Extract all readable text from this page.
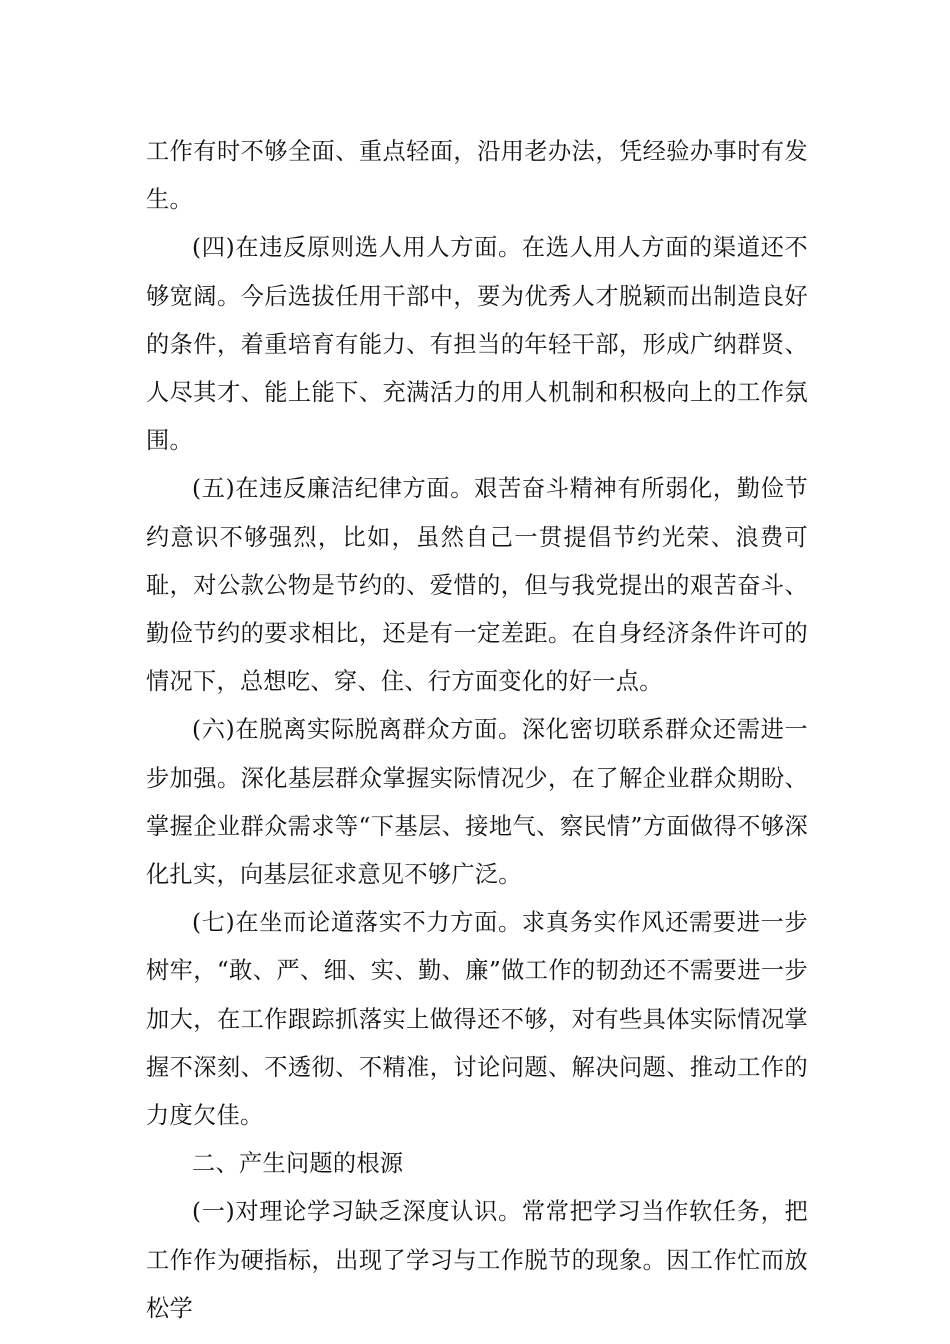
工作有时不够全面、重点轻面，沿用老办法，凭经验办事时有发生。

(四)在违反原则选人用人方面。在选人用人方面的渠道还不够宽阔。今后选拔任用干部中，要为优秀人才脱颖而出制造良好的条件，着重培育有能力、有担当的年轻干部，形成广纳群贤、人尽其才、能上能下、充满活力的用人机制和积极向上的工作氛围。

(五)在违反廉洁纪律方面。艰苦奋斗精神有所弱化，勤俭节约意识不够强烈，比如，虽然自己一贯提倡节约光荣、浪费可耻，对公款公物是节约的、爱惜的，但与我党提出的艰苦奋斗、勤俭节约的要求相比，还是有一定差距。在自身经济条件许可的情况下，总想吃、穿、住、行方面变化的好一点。

(六)在脱离实际脱离群众方面。深化密切联系群众还需进一步加强。深化基层群众掌握实际情况少，在了解企业群众期盼、掌握企业群众需求等“下基层、接地气、察民情”方面做得不够深化扎实，向基层征求意见不够广泛。

(七)在坐而论道落实不力方面。求真务实作风还需要进一步树牢，“敢、严、细、实、勤、廉”做工作的韧劲还不需要进一步加大，在工作跟踪抓落实上做得还不够，对有些具体实际情况掌握不深刻、不透彻、不精准，讨论问题、解决问题、推动工作的力度欠佳。

二、产生问题的根源

(一)对理论学习缺乏深度认识。常常把学习当作软任务，把工作作为硬指标，出现了学习与工作脱节的现象。因工作忙而放松学
